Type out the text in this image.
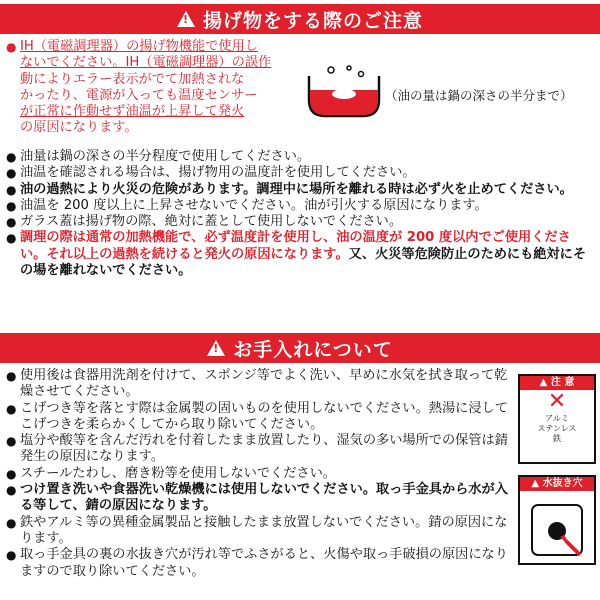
! 揚げ物をする際のご注意
● IH（電磁調理器）の揚げ物機能で使用し
ないでください。IH（電磁調理器）の誤作
動によりエラー表示がでて加熱されな
かったり、電源が入っても温度センサー
が正常に作動せず油温が上昇して発火
の原因になります。
（油の量は鍋の深さの半分まで）
● 油量は鍋の深さの半分程度で使用してください。
● 油温を確認される場合は、揚げ物用の温度計を使用してください。
● 油の過熱により火災の危険があります。調理中に場所を離れる時は必ず火を止めてください。
● 油温を 200 度以上に上昇させないでください。油が引火する原因になります。
● ガラス蓋は揚げ物の際、絶対に蓋として使用しないでください。
● 調理の際は通常の加熱機能で、必ず温度計を使用し、油の温度が 200 度以内でご使用ください。それ以上の過熱を続けると発火の原因になります。又、火災等危険防止のためにも絶対にその場を離れないでください。
! お手入れについて
● 使用後は食器用洗剤を付けて、スポンジ等でよく洗い、早めに水気を拭き取って乾燥させてください。
● こげつき等を落とす際は金属製の固いものを使用しないでください。熱湯に浸してこげつきを柔らかくしてから取り除いてください。
● 塩分や酸等を含んだ汚れを付着したまま放置したり、湿気の多い場所での保管は錆発生の原因になります。
● スチールたわし、磨き粉等を使用しないでください。
● つけ置き洗いや食器洗い乾燥機には使用しないでください。取っ手金具から水が入る等して、錆の原因になります。
● 鉄やアルミ等の異種金属製品と接触したまま放置しないでください。錆の原因になります。
● 取っ手金具の裏の水抜き穴が汚れ等でふさがると、火傷や取っ手破損の原因になりますので取り除いてください。
▲ 注 意
✕
アルミ
ステンレス
鉄
▲ 水抜き穴
